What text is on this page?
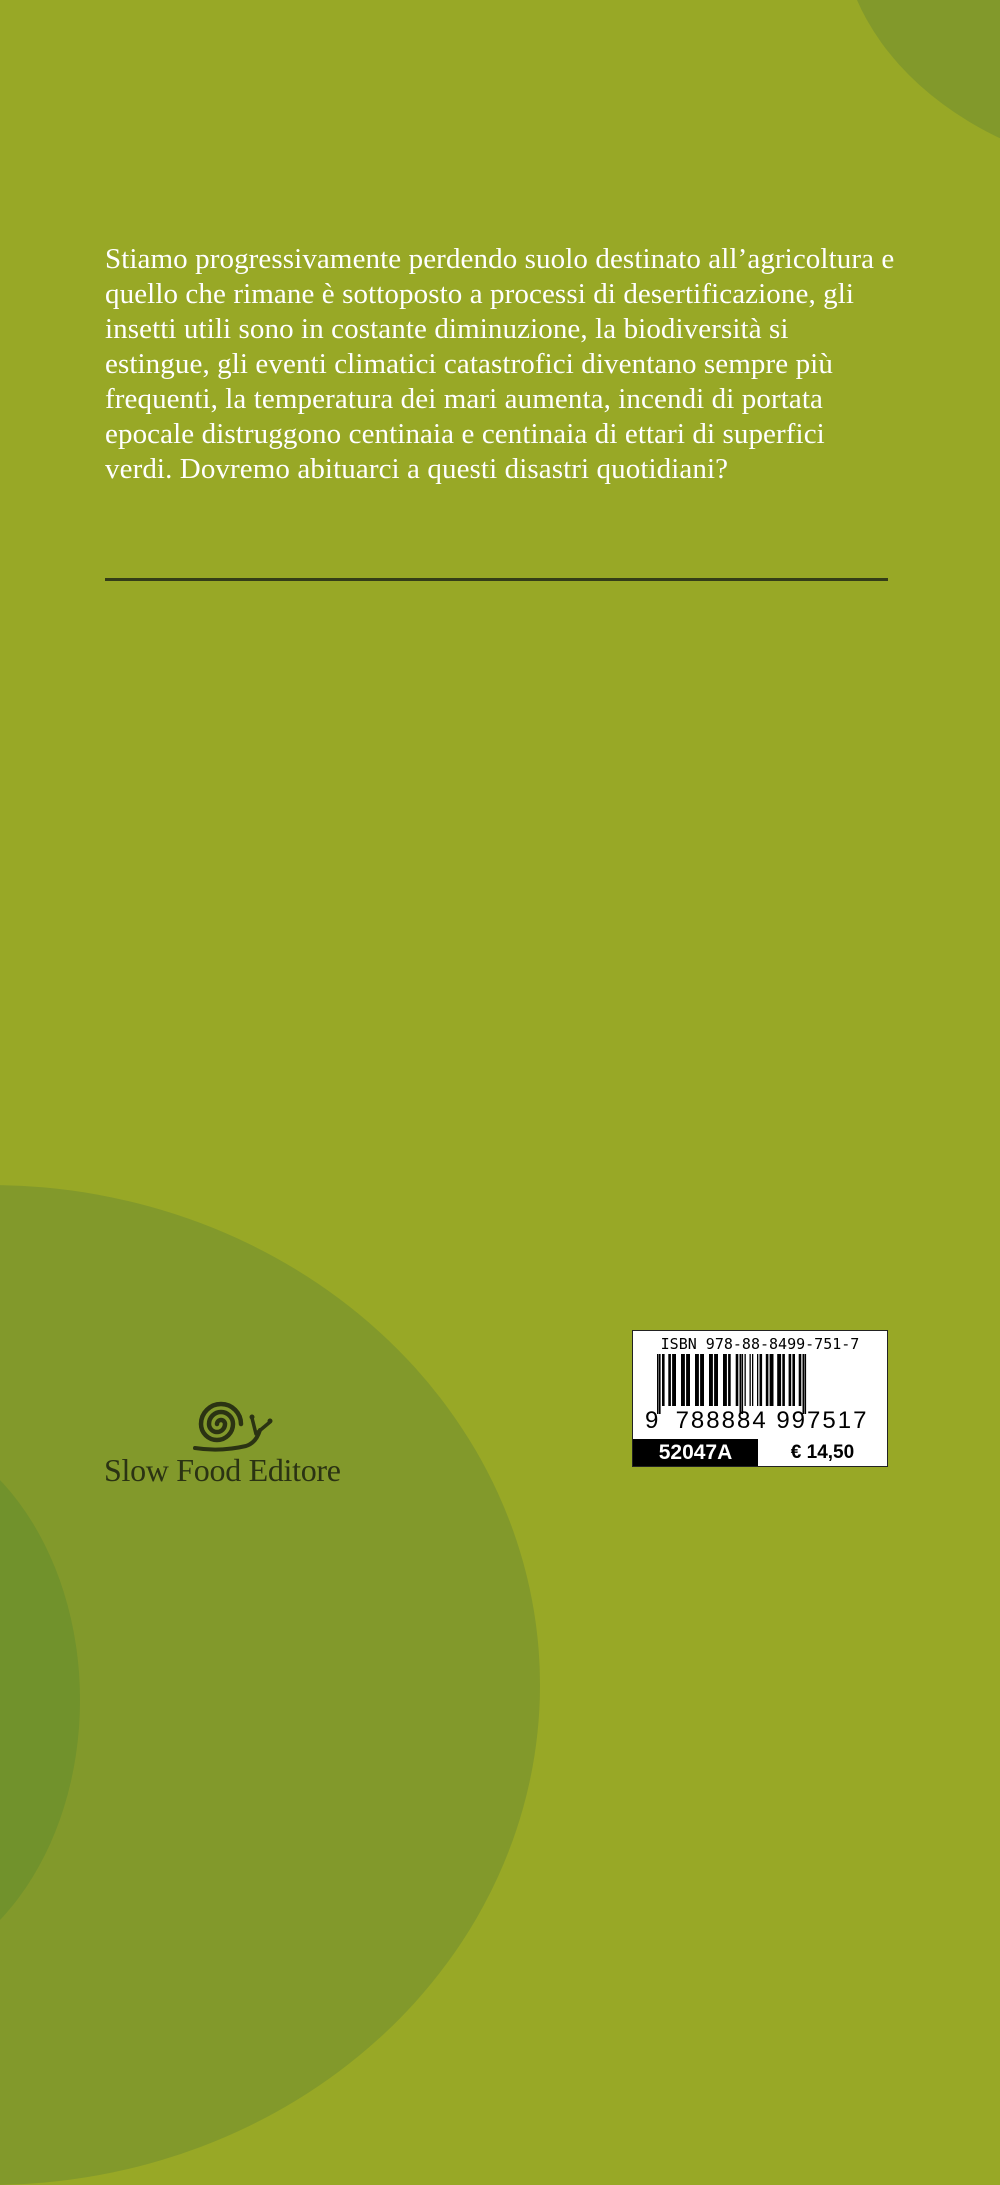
Stiamo progressivamente perdendo suolo destinato all’agricoltura e quello che rimane è sottoposto a processi di desertificazione, gli insetti utili sono in costante diminuzione, la biodiversità si estingue, gli eventi climatici catastrofici diventano sempre più frequenti, la temperatura dei mari aumenta, incendi di portata epocale distruggono centinaia e centinaia di ettari di superfici verdi. Dovremo abituarci a questi disastri quotidiani?

Slow Food Editore

ISBN 978-88-8499-751-7
9 788884 997517
52047A	€ 14,50
